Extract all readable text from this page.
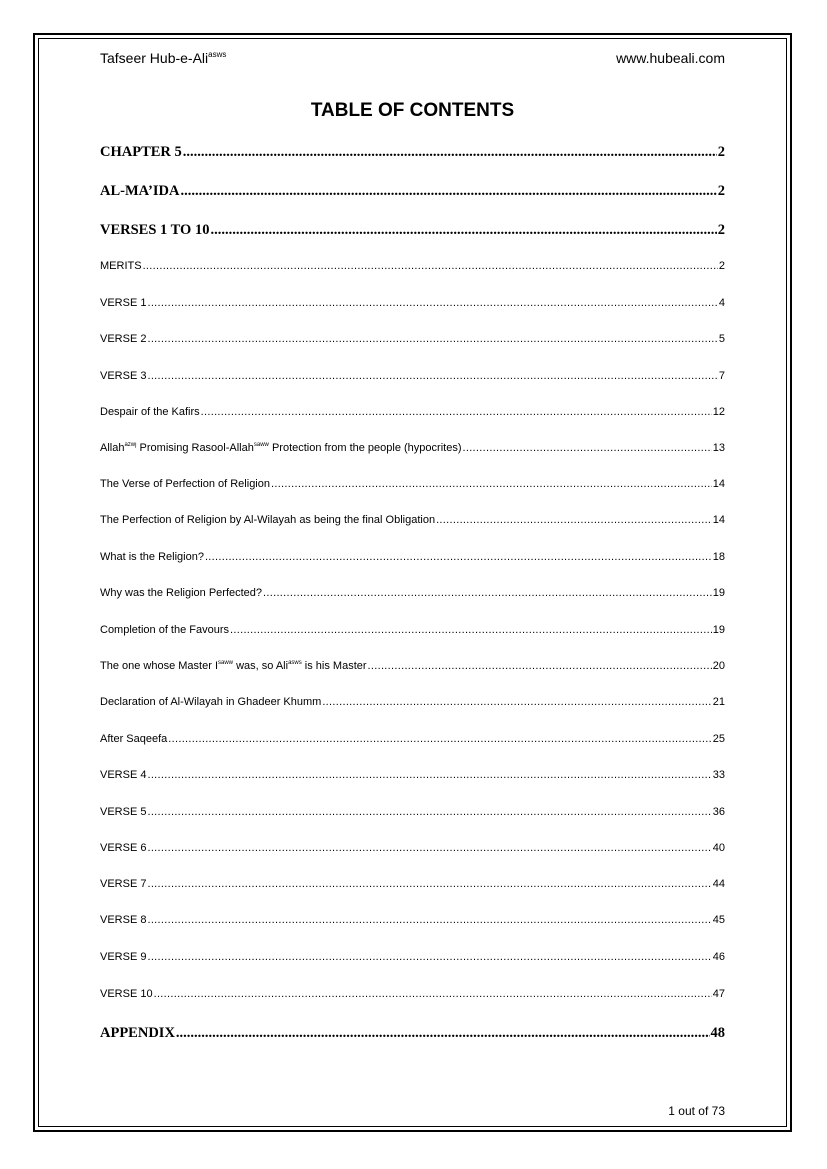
Tafseer Hub-e-Ali$^{asws}$	www.hubeali.com
TABLE OF CONTENTS
CHAPTER 5 .....	2
AL-MA’IDA .....	2
VERSES 1 TO 10 .....	2
MERITS .....	2
VERSE 1 .....	4
VERSE 2 .....	5
VERSE 3 .....	7
Despair of the Kafirs .....	12
Allah$^{azwj}$ Promising Rasool-Allah$^{saww}$ Protection from the people (hypocrites) .....	13
The Verse of Perfection of Religion .....	14
The Perfection of Religion by Al-Wilayah as being the final Obligation .....	14
What is the Religion? .....	18
Why was the Religion Perfected? .....	19
Completion of the Favours .....	19
The one whose Master $I^{saww}$ was, so Ali$^{asws}$ is his Master .....	20
Declaration of Al-Wilayah in Ghadeer Khumm .....	21
After Saqeefa .....	25
VERSE 4 .....	33
VERSE 5 .....	36
VERSE 6 .....	40
VERSE 7 .....	44
VERSE 8 .....	45
VERSE 9 .....	46
VERSE 10 .....	47
APPENDIX .....	48
1 out of 73
